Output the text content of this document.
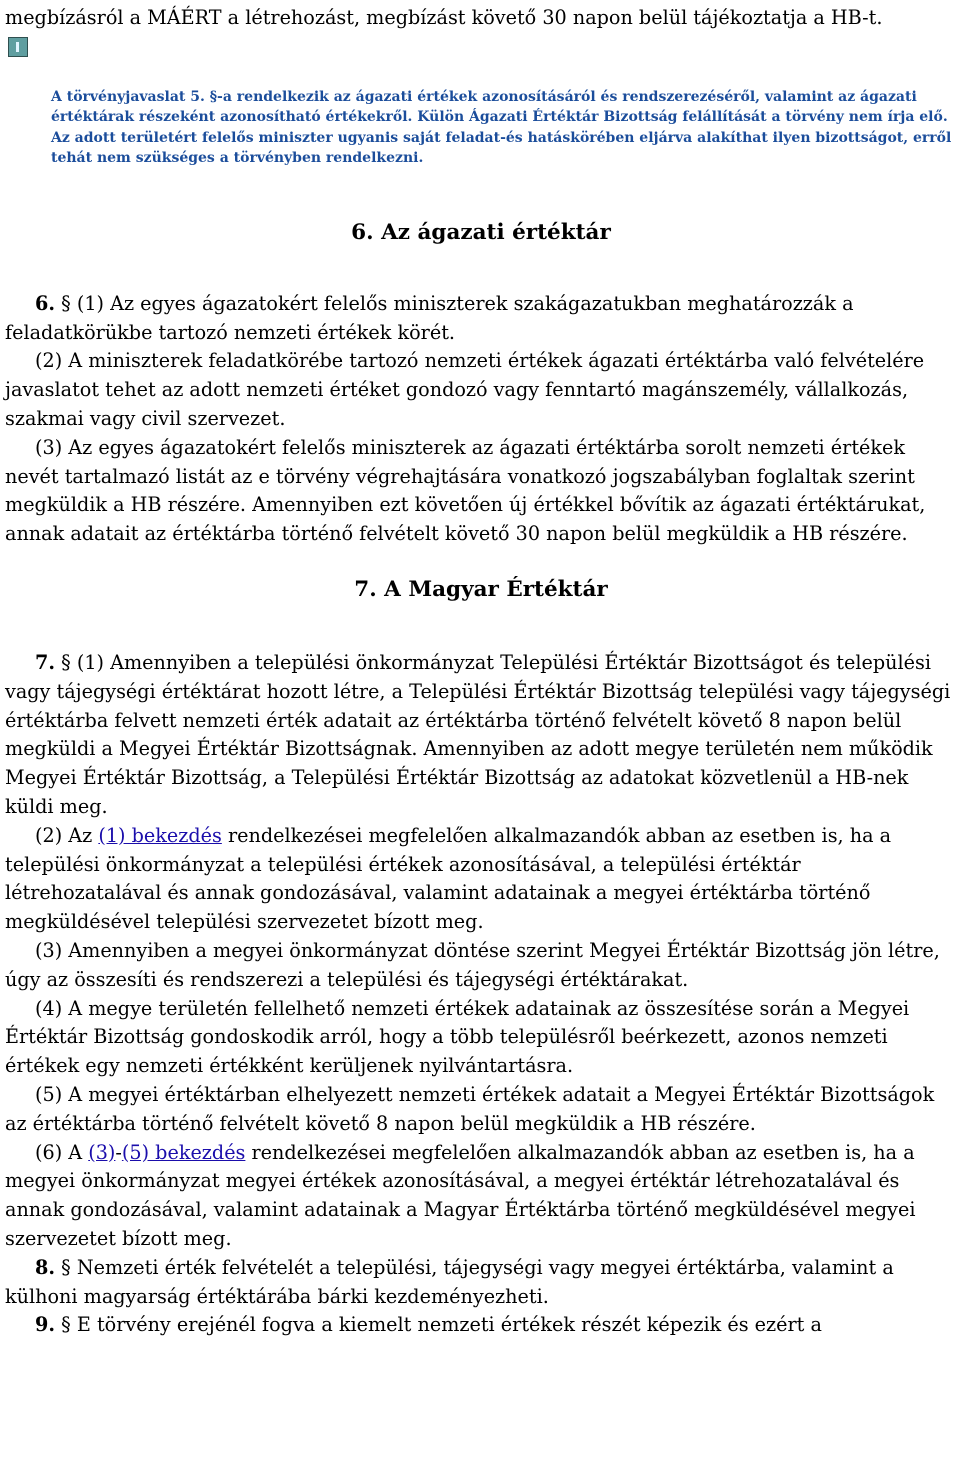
megbízásról a MÁÉRT a létrehozást, megbízást követő 30 napon belül tájékoztatja a HB-t.

A törvényjavaslat 5. §-a rendelkezik az ágazati értékek azonosításáról és rendszerezéséről, valamint az ágazati értéktárak részeként azonosítható értékekről. Külön Ágazati Értéktár Bizottság felállítását a törvény nem írja elő. Az adott területért felelős miniszter ugyanis saját feladat-és hatáskörében eljárva alakíthat ilyen bizottságot, erről tehát nem szükséges a törvényben rendelkezni.

6. Az ágazati értéktár

6. § (1) Az egyes ágazatokért felelős miniszterek szakágazatukban meghatározzák a feladatkörükbe tartozó nemzeti értékek körét.

(2) A miniszterek feladatkörébe tartozó nemzeti értékek ágazati értéktárba való felvételére javaslatot tehet az adott nemzeti értéket gondozó vagy fenntartó magánszemély, vállalkozás, szakmai vagy civil szervezet.

(3) Az egyes ágazatokért felelős miniszterek az ágazati értéktárba sorolt nemzeti értékek nevét tartalmazó listát az e törvény végrehajtására vonatkozó jogszabályban foglaltak szerint megküldik a HB részére. Amennyiben ezt követően új értékkel bővítik az ágazati értéktárukat, annak adatait az értéktárba történő felvételt követő 30 napon belül megküldik a HB részére.

7. A Magyar Értéktár

7. § (1) Amennyiben a települési önkormányzat Települési Értéktár Bizottságot és települési vagy tájegységi értéktárat hozott létre, a Települési Értéktár Bizottság települési vagy tájegységi értéktárba felvett nemzeti érték adatait az értéktárba történő felvételt követő 8 napon belül megküldi a Megyei Értéktár Bizottságnak. Amennyiben az adott megye területén nem működik Megyei Értéktár Bizottság, a Települési Értéktár Bizottság az adatokat közvetlenül a HB-nek küldi meg.

(2) Az (1) bekezdés rendelkezései megfelelően alkalmazandók abban az esetben is, ha a települési önkormányzat a települési értékek azonosításával, a települési értéktár létrehozatalával és annak gondozásával, valamint adatainak a megyei értéktárba történő megküldésével települési szervezetet bízott meg.

(3) Amennyiben a megyei önkormányzat döntése szerint Megyei Értéktár Bizottság jön létre, úgy az összesíti és rendszerezi a települési és tájegységi értéktárakat.

(4) A megye területén fellelhető nemzeti értékek adatainak az összesítése során a Megyei Értéktár Bizottság gondoskodik arról, hogy a több településről beérkezett, azonos nemzeti értékek egy nemzeti értékként kerüljenek nyilvántartásra.

(5) A megyei értéktárban elhelyezett nemzeti értékek adatait a Megyei Értéktár Bizottságok az értéktárba történő felvételt követő 8 napon belül megküldik a HB részére.

(6) A (3)-(5) bekezdés rendelkezései megfelelően alkalmazandók abban az esetben is, ha a megyei önkormányzat megyei értékek azonosításával, a megyei értéktár létrehozatalával és annak gondozásával, valamint adatainak a Magyar Értéktárba történő megküldésével megyei szervezetet bízott meg.

8. § Nemzeti érték felvételét a települési, tájegységi vagy megyei értéktárba, valamint a külhoni magyarság értéktárába bárki kezdeményezheti.

9. § E törvény erejénél fogva a kiemelt nemzeti értékek részét képezik és ezért a
